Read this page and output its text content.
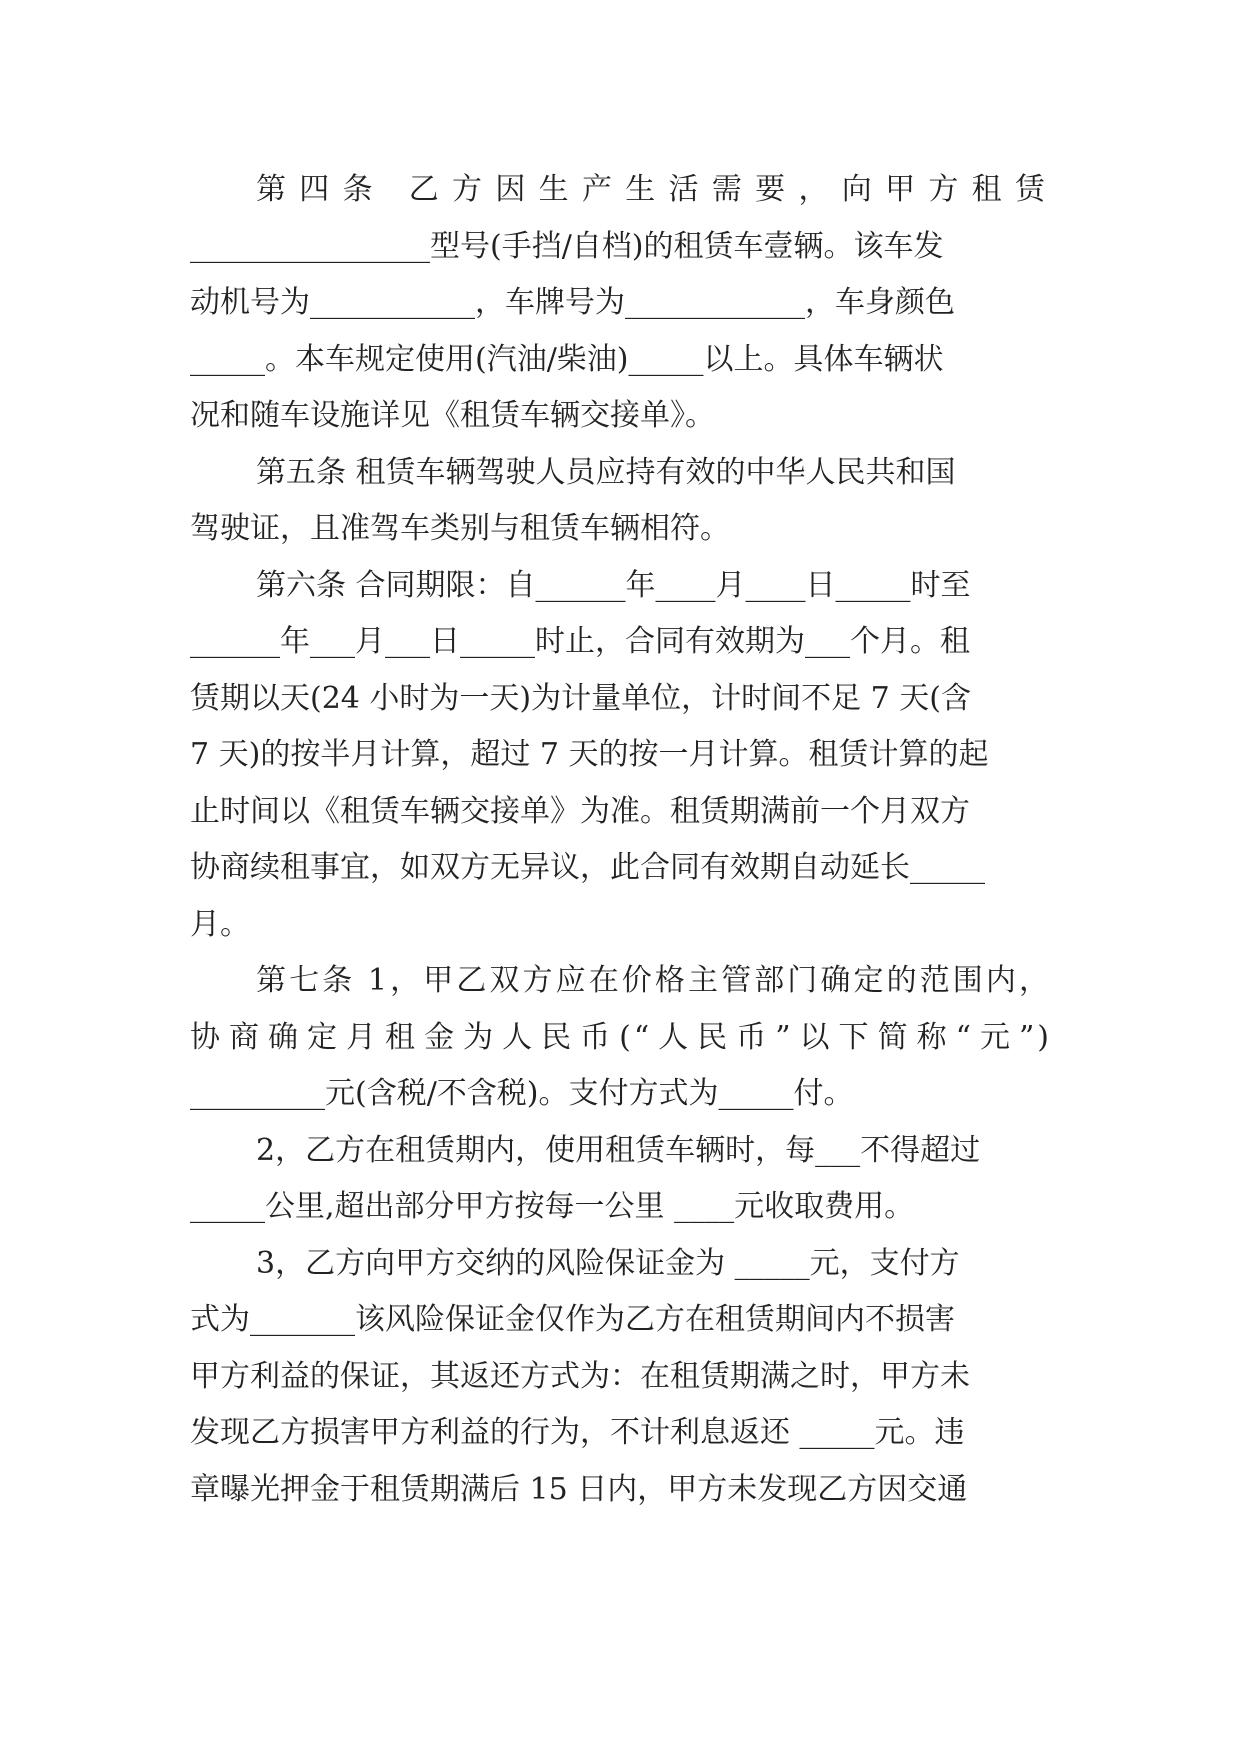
第四条 乙方因生产生活需要，向甲方租赁
________________型号(手挡/自档)的租赁车壹辆。该车发
动机号为___________，车牌号为____________，车身颜色
_____。本车规定使用(汽油/柴油)_____以上。具体车辆状
况和随车设施详见《租赁车辆交接单》。
第五条 租赁车辆驾驶人员应持有效的中华人民共和国
驾驶证，且准驾车类别与租赁车辆相符。
第六条 合同期限：自______年____月____日_____时至
______年___月___日_____时止，合同有效期为___个月。租
赁期以天(24 小时为一天)为计量单位，计时间不足 7 天(含
7 天)的按半月计算，超过 7 天的按一月计算。租赁计算的起
止时间以《租赁车辆交接单》为准。租赁期满前一个月双方
协商续租事宜，如双方无异议，此合同有效期自动延长_____
月。
第七条 1，甲乙双方应在价格主管部门确定的范围内，
协商确定月租金为人民币(“人民币”以下简称“元”)
_________元(含税/不含税)。支付方式为_____付。
2，乙方在租赁期内，使用租赁车辆时，每___不得超过
_____公里,超出部分甲方按每一公里 ____元收取费用。
3，乙方向甲方交纳的风险保证金为 _____元，支付方
式为_______该风险保证金仅作为乙方在租赁期间内不损害
甲方利益的保证，其返还方式为：在租赁期满之时，甲方未
发现乙方损害甲方利益的行为，不计利息返还 _____元。违
章曝光押金于租赁期满后 15 日内，甲方未发现乙方因交通
